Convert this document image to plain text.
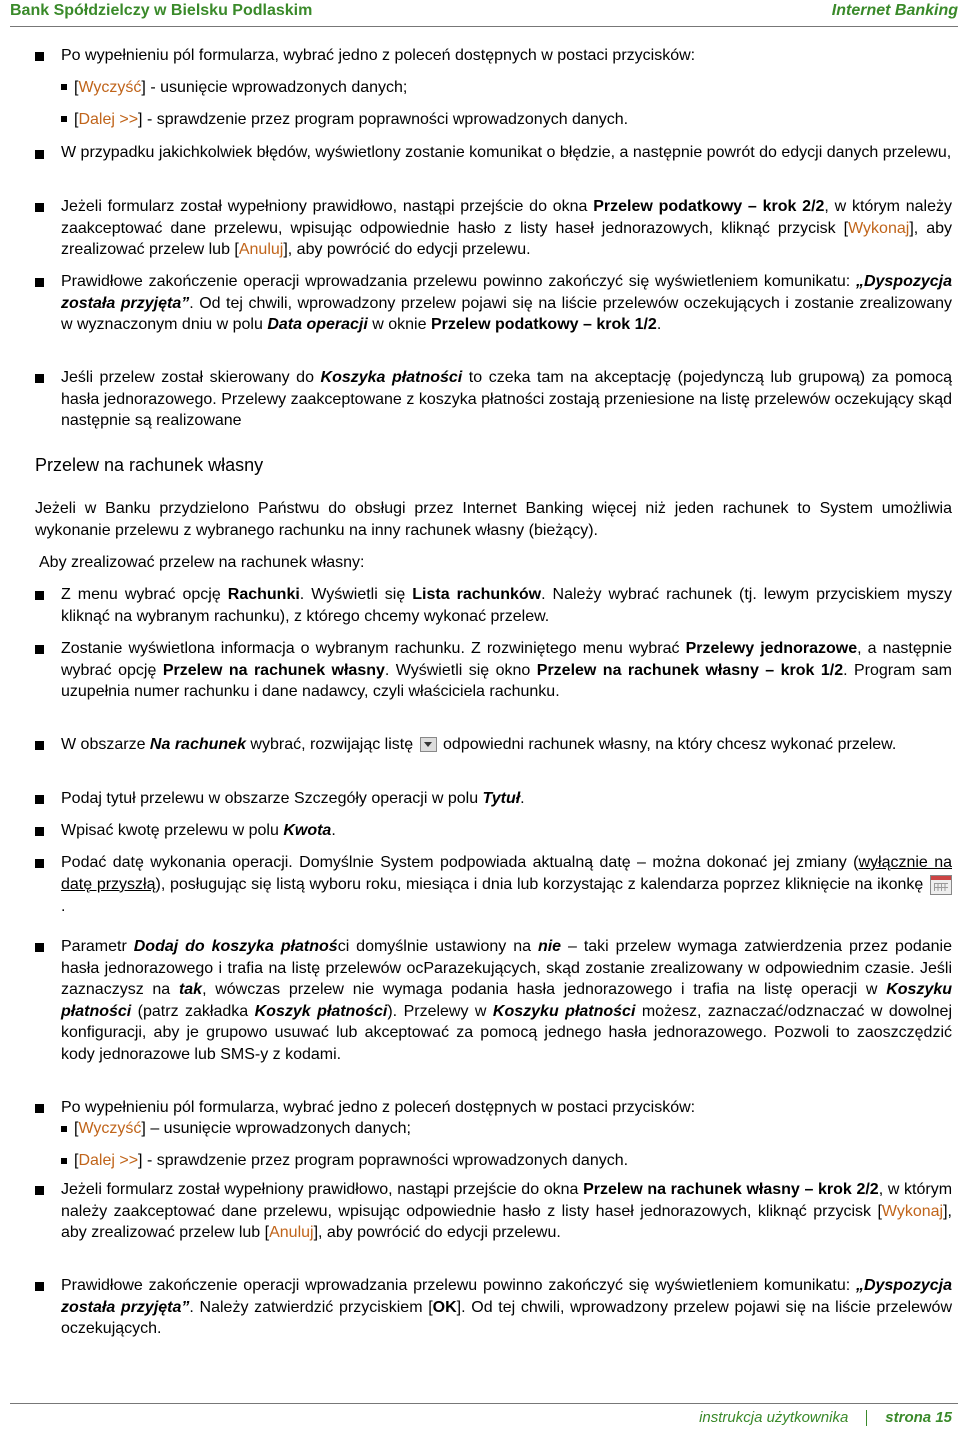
Bank Spółdzielczy w Bielsku Podlaskim	Internet Banking
Po wypełnieniu pól formularza, wybrać jedno z poleceń dostępnych w postaci przycisków:
[Wyczyść] - usunięcie wprowadzonych danych;
[Dalej >>] - sprawdzenie przez program poprawności wprowadzonych danych.
W przypadku jakichkolwiek błędów, wyświetlony zostanie komunikat o błędzie, a następnie powrót do edycji danych przelewu,
Jeżeli formularz został wypełniony prawidłowo, nastąpi przejście do okna Przelew podatkowy – krok 2/2, w którym należy zaakceptować dane przelewu, wpisując odpowiednie hasło z listy haseł jednorazowych, kliknąć przycisk [Wykonaj], aby zrealizować przelew lub [Anuluj], aby powrócić do edycji przelewu.
Prawidłowe zakończenie operacji wprowadzania przelewu powinno zakończyć się wyświetleniem komunikatu: „Dyspozycja została przyjęta”. Od tej chwili, wprowadzony przelew pojawi się na liście przelewów oczekujących i zostanie zrealizowany w wyznaczonym dniu w polu Data operacji w oknie Przelew podatkowy – krok 1/2.
Jeśli przelew został skierowany do Koszyka płatności to czeka tam na akceptację (pojedynczą lub grupową) za pomocą hasła jednorazowego. Przelewy zaakceptowane z koszyka płatności zostają przeniesione na listę przelewów oczekujący skąd następnie są realizowane
Przelew na rachunek własny
Jeżeli w Banku przydzielono Państwu do obsługi przez Internet Banking więcej niż jeden rachunek to System umożliwia wykonanie przelewu z wybranego rachunku na inny rachunek własny (bieżący).
Aby zrealizować przelew na rachunek własny:
Z menu wybrać opcję Rachunki. Wyświetli się Lista rachunków. Należy wybrać rachunek (tj. lewym przyciskiem myszy kliknąć na wybranym rachunku), z którego chcemy wykonać przelew.
Zostanie wyświetlona informacja o wybranym rachunku. Z rozwiniętego menu wybrać Przelewy jednorazowe, a następnie wybrać opcję Przelew na rachunek własny. Wyświetli się okno Przelew na rachunek własny – krok 1/2. Program sam uzupełnia numer rachunku i dane nadawcy, czyli właściciela rachunku.
W obszarze Na rachunek wybrać, rozwijając listę  odpowiedni rachunek własny, na który chcesz wykonać przelew.
Podaj tytuł przelewu w obszarze Szczegóły operacji w polu Tytuł.
Wpisać kwotę przelewu w polu Kwota.
Podać datę wykonania operacji. Domyślnie System podpowiada aktualną datę – można dokonać jej zmiany (wyłącznie na datę przyszłą), posługując się listą wyboru roku, miesiąca i dnia lub korzystając z kalendarza poprzez kliknięcie na ikonkę .
Parametr Dodaj do koszyka płatności domyślnie ustawiony na nie – taki przelew wymaga zatwierdzenia przez podanie hasła jednorazowego i trafia na listę przelewów ocParazekujących, skąd zostanie zrealizowany w odpowiednim czasie. Jeśli zaznaczysz na tak, wówczas przelew nie wymaga podania hasła jednorazowego i trafia na listę operacji w Koszyku płatności (patrz zakładka Koszyk płatności). Przelewy w Koszyku płatności możesz, zaznaczać/odznaczać w dowolnej konfiguracji, aby je grupowo usuwać lub akceptować za pomocą jednego hasła jednorazowego. Pozwoli to zaoszczędzić kody jednorazowe lub SMS-y z kodami.
Po wypełnieniu pól formularza, wybrać jedno z poleceń dostępnych w postaci przycisków:
[Wyczyść] – usunięcie wprowadzonych danych;
[Dalej >>] - sprawdzenie przez program poprawności wprowadzonych danych.
Jeżeli formularz został wypełniony prawidłowo, nastąpi przejście do okna Przelew na rachunek własny – krok 2/2, w którym należy zaakceptować dane przelewu, wpisując odpowiednie hasło z listy haseł jednorazowych, kliknąć przycisk [Wykonaj], aby zrealizować przelew lub [Anuluj], aby powrócić do edycji przelewu.
Prawidłowe zakończenie operacji wprowadzania przelewu powinno zakończyć się wyświetleniem komunikatu: „Dyspozycja została przyjęta”. Należy zatwierdzić przyciskiem [OK]. Od tej chwili, wprowadzony przelew pojawi się na liście przelewów oczekujących.
instrukcja użytkownika strona 15
